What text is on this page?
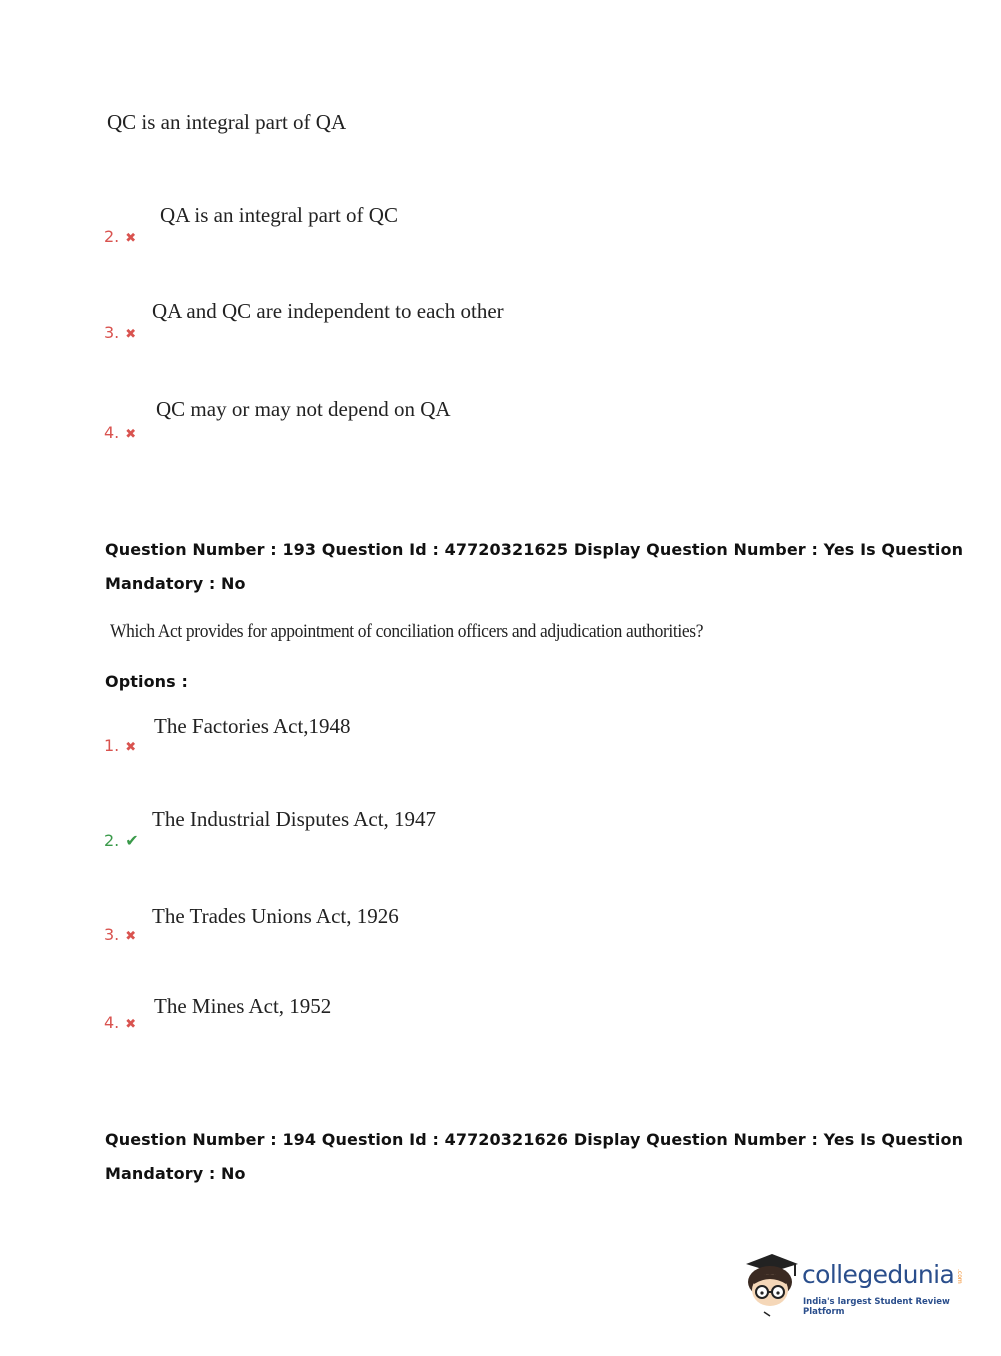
QC is an integral part of QA
QA is an integral part of QC
2. ✖
QA and QC are independent to each other
3. ✖
QC may or may not depend on QA
4. ✖
Question Number : 193 Question Id : 47720321625 Display Question Number : Yes Is Question
Mandatory : No
Which Act provides for appointment of conciliation officers and adjudication authorities?
Options :
The Factories Act,1948
1. ✖
The Industrial Disputes Act, 1947
2. ✔
The Trades Unions Act, 1926
3. ✖
The Mines Act, 1952
4. ✖
Question Number : 194 Question Id : 47720321626 Display Question Number : Yes Is Question
Mandatory : No
collegedunia .com
India's largest Student Review Platform
